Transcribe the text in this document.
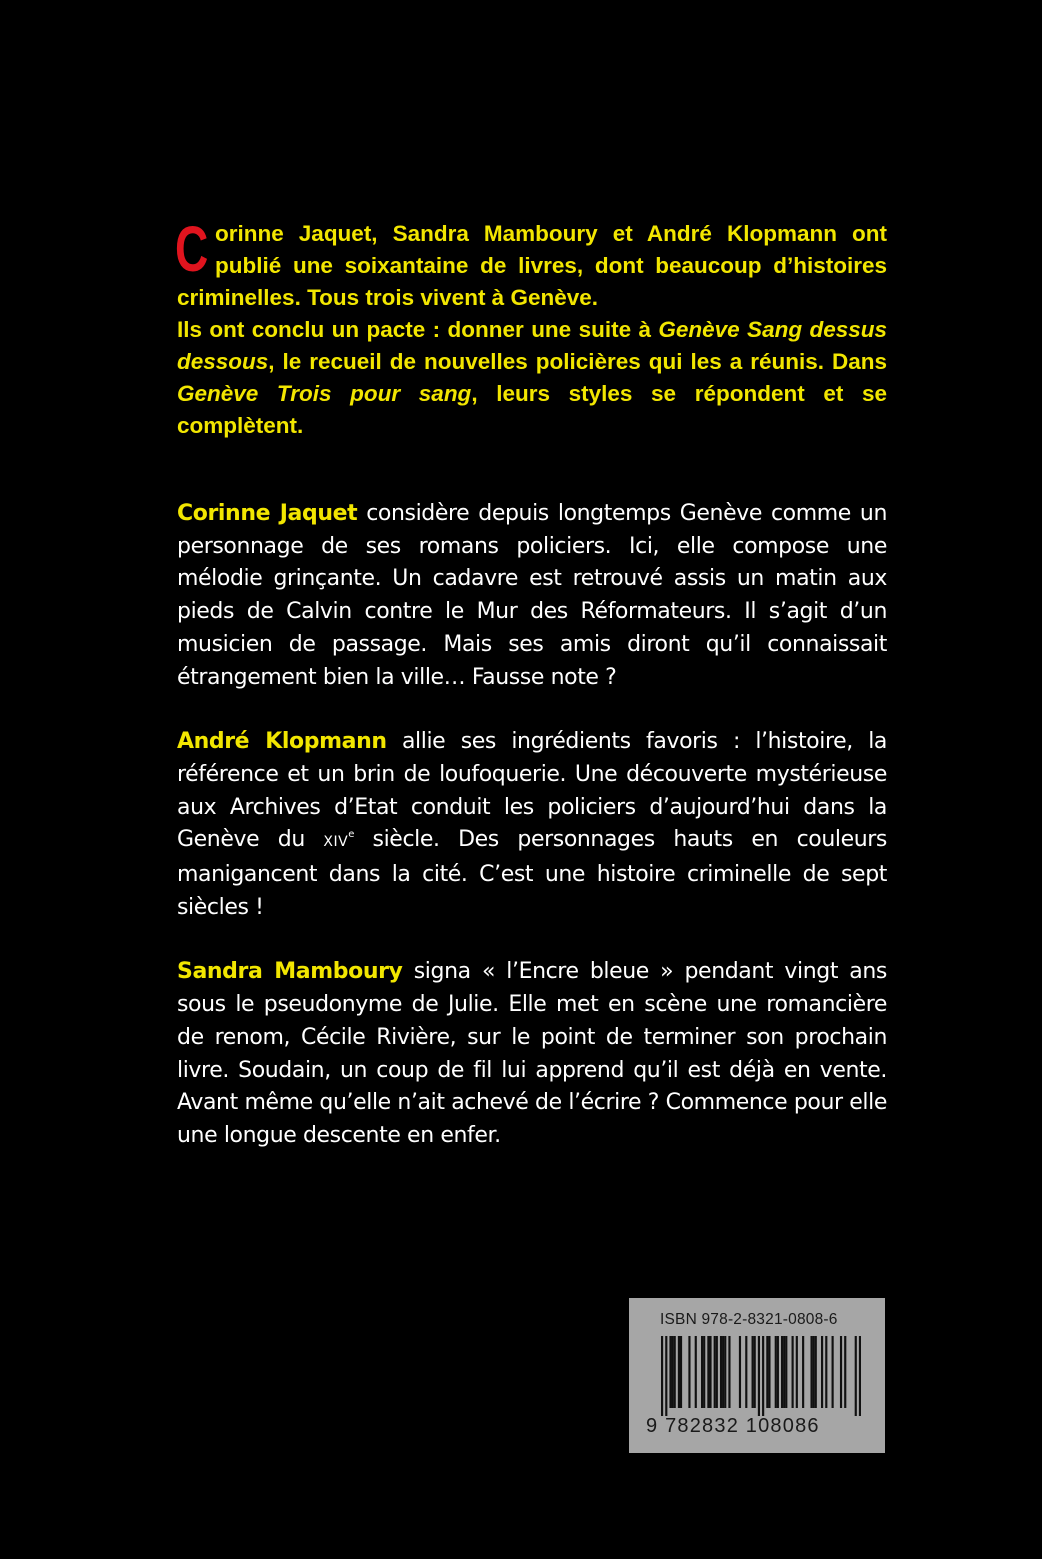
C orinne Jaquet, Sandra Mamboury et André Klopmann ont publié une soixantaine de livres, dont beaucoup d’histoires criminelles. Tous trois vivent à Genève.

Ils ont conclu un pacte : donner une suite à Genève Sang dessus dessous, le recueil de nouvelles policières qui les a réunis. Dans Genève Trois pour sang, leurs styles se répondent et se complètent.

Corinne Jaquet considère depuis longtemps Genève comme un personnage de ses romans policiers. Ici, elle compose une mélodie grinçante. Un cadavre est retrouvé assis un matin aux pieds de Calvin contre le Mur des Réformateurs. Il s’agit d’un musicien de passage. Mais ses amis diront qu’il connaissait étrangement bien la ville… Fausse note ?

André Klopmann allie ses ingrédients favoris : l’histoire, la référence et un brin de loufoquerie. Une découverte mystérieuse aux Archives d’Etat conduit les policiers d’aujourd’hui dans la Genève du XIVe siècle. Des personnages hauts en couleurs manigancent dans la cité. C’est une histoire criminelle de sept siècles !

Sandra Mamboury signa « l’Encre bleue » pendant vingt ans sous le pseudonyme de Julie. Elle met en scène une romancière de renom, Cécile Rivière, sur le point de terminer son prochain livre. Soudain, un coup de fil lui apprend qu’il est déjà en vente. Avant même qu’elle n’ait achevé de l’écrire ? Commence pour elle une longue descente en enfer.

ISBN 978-2-8321-0808-6
9 782832 108086
